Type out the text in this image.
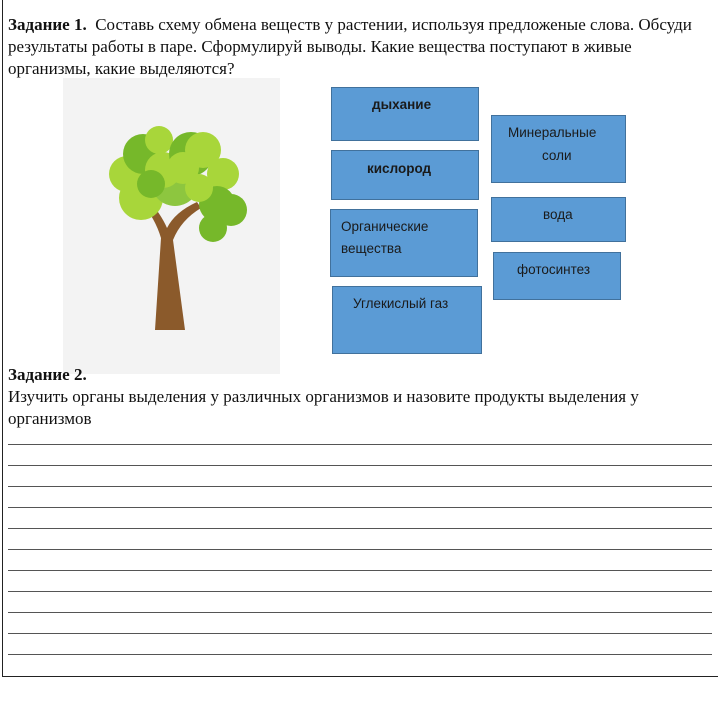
Задание 1. Составь схему обмена веществ у растении, используя предложеные слова. Обсуди результаты работы в паре. Сформулируй выводы. Какие вещества поступают в живые организмы, какие выделяются?

дыхание
Минеральные
соли
кислород
Органические
вещества
вода
фотосинтез
Углекислый газ

Задание 2.

Изучить органы выделения у различных организмов и назовите продукты выделения у организмов
